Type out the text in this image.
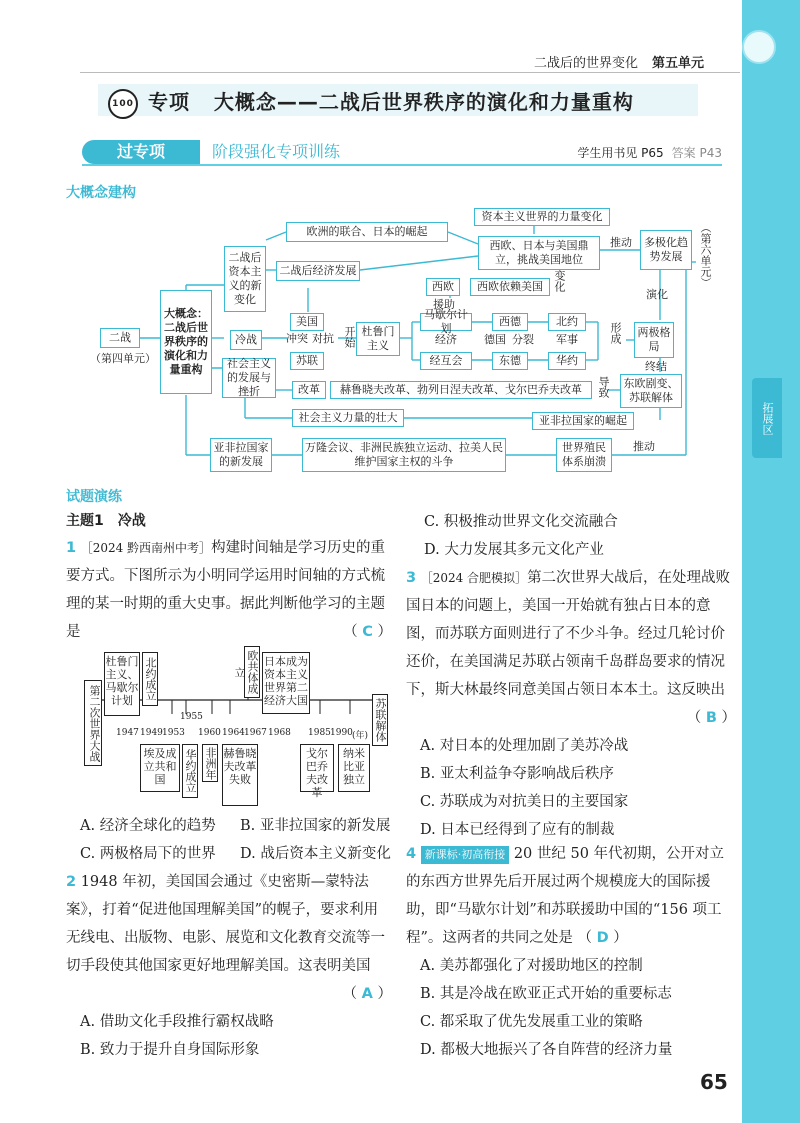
拓展区
二战后的世界变化 第五单元
100 专项 大概念——二战后世界秩序的演化和力量重构
过专项	阶段强化专项训练	学生用书见 P65 答案 P43
大概念建构
二战
（第四单元）
大概念：二战后世界秩序的演化和力量重构
二战后资本主义的新变化
欧洲的联合、日本的崛起
二战后经济发展
冷战
美国
冲突 对抗
苏联
开始 杜鲁门主义
西欧
援助
西欧依赖美国 变化
马歇尔计划
经济
经互会
西德
德国 分裂
东德
北约
军事
华约
形成	两极格局
终结
演化
资本主义世界的力量变化
西欧、日本与美国鼎立，挑战美国地位
推动	多极化趋势发展	（第六单元）
社会主义的发展与挫折	改革	赫鲁晓夫改革、勃列日涅夫改革、戈尔巴乔夫改革	导致	东欧剧变、苏联解体
社会主义力量的壮大	亚非拉国家的崛起
亚非拉国家的新发展
万隆会议、非洲民族独立运动、拉美人民维护国家主权的斗争
世界殖民体系崩溃
推动
试题演练
主题1　冷战
1 ［2024 黔西南州中考］构建时间轴是学习历史的重要方式。下图所示为小明同学运用时间轴的方式梳理的某一时期的重大史事。据此判断他学习的主题是	（ C ）
第二次世界大战
杜鲁门主义、马歇尔计划	北约成立	欧共体成立
日本成为资本主义世界第二经济大国	苏联解体
1947 1949 1953
1955
1960 1964 1967 1968 1985 1990 (年)
埃及成立共和国	华约成立 非洲年 赫鲁晓夫改革失败
戈尔巴乔夫改革
纳米比亚独立
A. 经济全球化的趋势	B. 亚非拉国家的新发展
C. 两极格局下的世界	D. 战后资本主义新变化
2 1948 年初，美国国会通过《史密斯—蒙特法案》，打着“促进他国理解美国”的幌子，要求利用无线电、出版物、电影、展览和文化教育交流等一切手段使其他国家更好地理解美国。这表明美国
（ A ）
A. 借助文化手段推行霸权战略
B. 致力于提升自身国际形象
C. 积极推动世界文化交流融合
D. 大力发展其多元文化产业
3 ［2024 合肥模拟］第二次世界大战后，在处理战败国日本的问题上，美国一开始就有独占日本的意图，而苏联方面则进行了不少斗争。经过几轮讨价还价，在美国满足苏联占领南千岛群岛要求的情况下，斯大林最终同意美国占领日本本土。这反映出
（ B ）
A. 对日本的处理加剧了美苏冷战
B. 亚太利益争夺影响战后秩序
C. 苏联成为对抗美日的主要国家
D. 日本已经得到了应有的制裁
4 新课标·初高衔接 20 世纪 50 年代初期，公开对立的东西方世界先后开展过两个规模庞大的国际援助，即“马歇尔计划”和苏联援助中国的“156 项工程”。这两者的共同之处是 （ D ）
A. 美苏都强化了对援助地区的控制
B. 其是冷战在欧亚正式开始的重要标志
C. 都采取了优先发展重工业的策略
D. 都极大地振兴了各自阵营的经济力量
65
